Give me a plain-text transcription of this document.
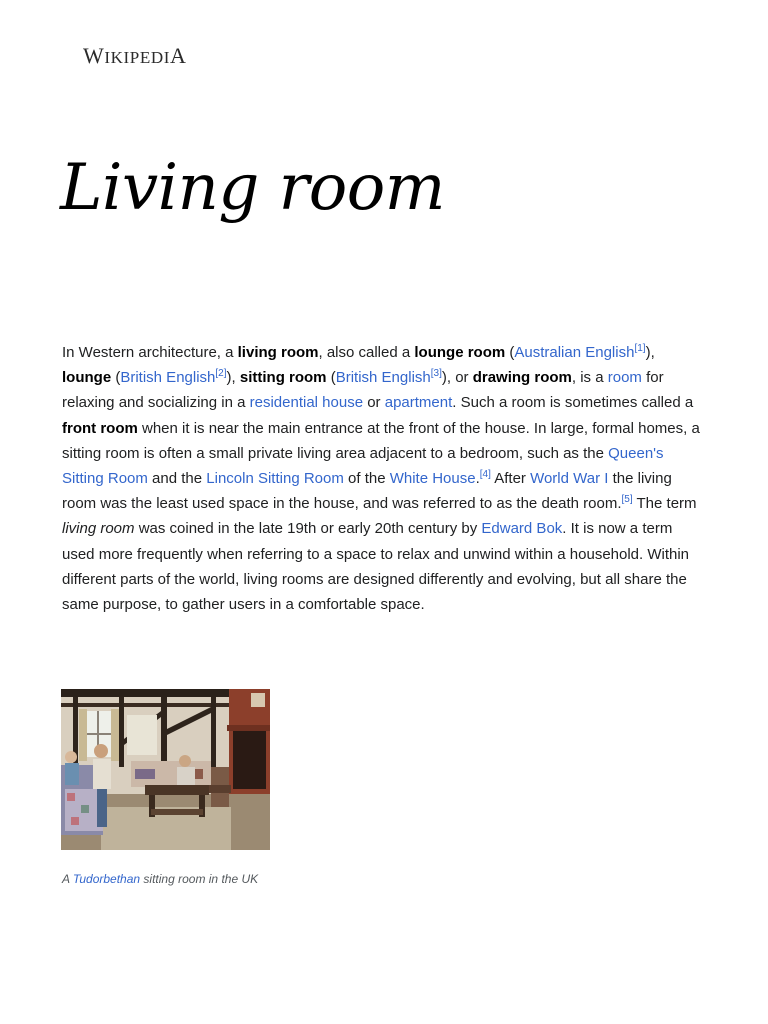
WIKIPEDIA
Living room

In Western architecture, a living room, also called a lounge room (Australian English[1]), lounge (British English[2]), sitting room (British English[3]), or drawing room, is a room for relaxing and socializing in a residential house or apartment. Such a room is sometimes called a front room when it is near the main entrance at the front of the house. In large, formal homes, a sitting room is often a small private living area adjacent to a bedroom, such as the Queen's Sitting Room and the Lincoln Sitting Room of the White House.[4] After World War I the living room was the least used space in the house, and was referred to as the death room.[5] The term living room was coined in the late 19th or early 20th century by Edward Bok. It is now a term used more frequently when referring to a space to relax and unwind within a household. Within different parts of the world, living rooms are designed differently and evolving, but all share the same purpose, to gather users in a comfortable space.

A Tudorbethan sitting room in the UK
